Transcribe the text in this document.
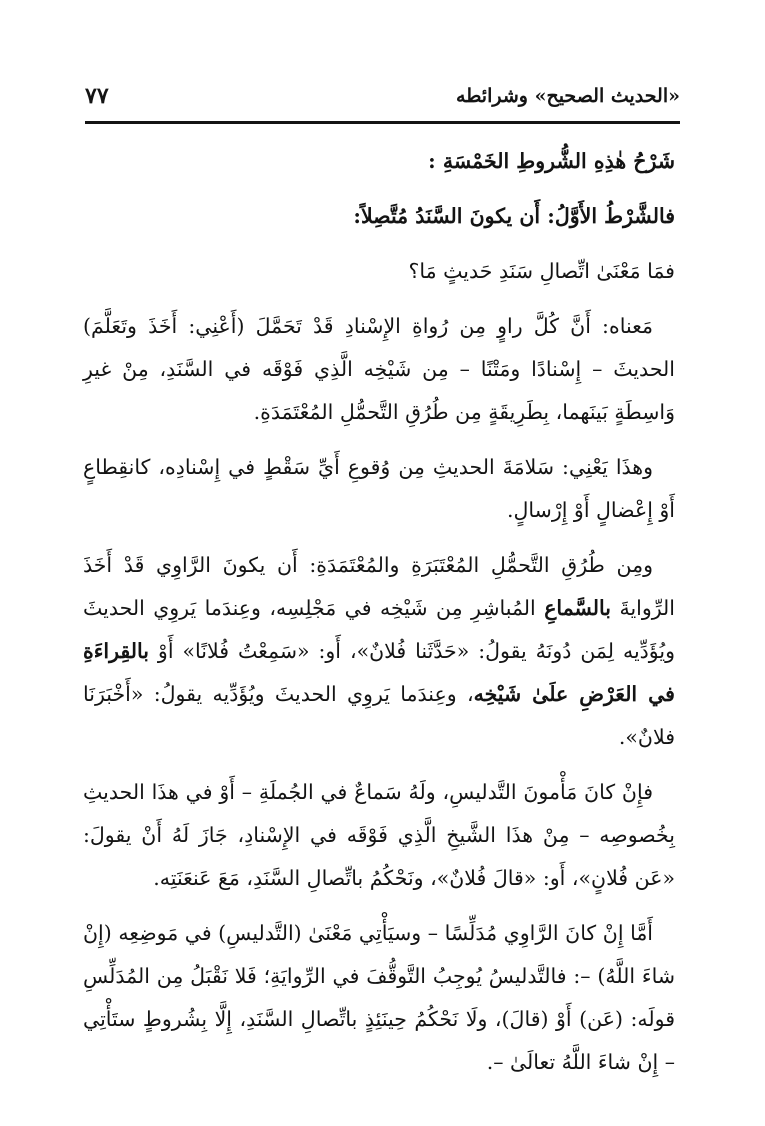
٧٧	«الحديث الصحيح» وشرائطه

شَرْحُ هٰذِهِ الشُّروطِ الخَمْسَةِ :

فالشَّرْطُ الأَوَّلُ: أَن يكونَ السَّنَدُ مُتَّصِلاً:

فمَا مَعْنَىٰ اتِّصالِ سَنَدِ حَديثٍ مَا؟

مَعناه: أَنَّ كُلَّ راوٍ مِن رُواةِ الإِسْنادِ قَدْ تَحَمَّلَ (أَعْنِي: أَخَذَ وتَعَلَّمَ) الحديثَ – إِسْنادًا ومَتْنًا – مِن شَيْخِه الَّذِي فَوْقَه في السَّنَدِ، مِنْ غيرِ وَاسِطَةٍ بَينَهما، بِطَرِيقَةٍ مِن طُرُقِ التَّحمُّلِ المُعْتَمَدَةِ.

وهذَا يَعْنِي: سَلامَةَ الحديثِ مِن وُقوعِ أَيِّ سَقْطٍ في إِسْنادِه، كانقِطاعٍ أَوْ إِعْضالٍ أَوْ إِرْسالٍ.

ومِن طُرُقِ التَّحمُّلِ المُعْتَبَرَةِ والمُعْتَمَدَةِ: أَن يكونَ الرَّاوِي قَدْ أَخَذَ الرِّوايةَ بالسَّماعِ المُباشِرِ مِن شَيْخِه في مَجْلِسِه، وعِندَما يَروِي الحديثَ ويُؤَدِّيه لِمَن دُونَهُ يقولُ: «حَدَّثَنا فُلانٌ»، أَو: «سَمِعْتُ فُلانًا» أَوْ بالقِراءَةِ في العَرْضِ علَىٰ شَيْخِه، وعِندَما يَروِي الحديثَ ويُؤَدِّيه يقولُ: «أَخْبَرَنَا فلانٌ».

فإِنْ كانَ مَأْمونَ التَّدليسِ، ولَهُ سَماعٌ في الجُملَةِ – أَوْ في هذَا الحديثِ بِخُصوصِه – مِنْ هذَا الشَّيخِ الَّذِي فَوْقَه في الإِسْنادِ، جَازَ لَهُ أَنْ يقولَ: «عَن فُلانٍ»، أَو: «قالَ فُلانٌ»، ونَحْكُمُ باتِّصالِ السَّنَدِ، مَعَ عَنعَنَتِه.

أَمَّا إِنْ كانَ الرَّاوِي مُدَلِّسًا – وسيَأْتِي مَعْنَىٰ (التَّدليسِ) في مَوضِعِه (إِنْ شاءَ اللَّهُ) –: فالتَّدليسُ يُوجِبُ التَّوقُّفَ في الرِّوايَةِ؛ فَلا نَقْبَلُ مِن المُدَلِّسِ قولَه: (عَن) أَوْ (قالَ)، ولَا نَحْكُمُ حِينَئِذٍ باتِّصالِ السَّنَدِ، إِلَّا بِشُروطٍ ستَأْتِي – إِنْ شاءَ اللَّهُ تعالَىٰ –.
